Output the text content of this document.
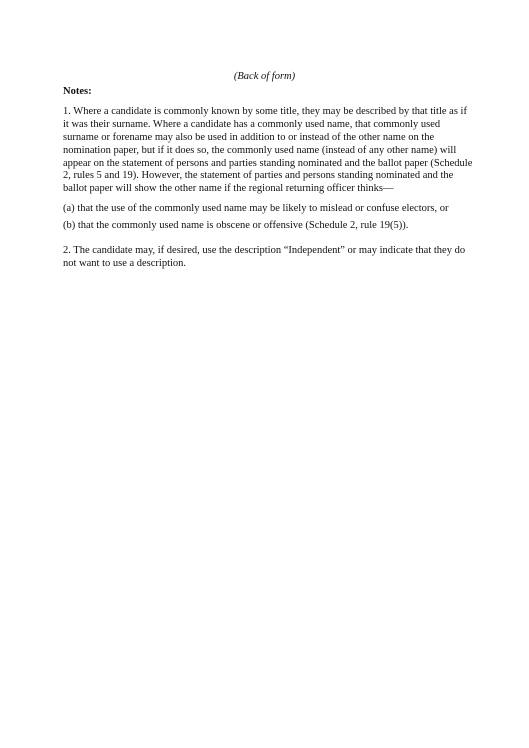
(Back of form)

Notes:

1. Where a candidate is commonly known by some title, they may be described by that title as if it was their surname. Where a candidate has a commonly used name, that commonly used surname or forename may also be used in addition to or instead of the other name on the nomination paper, but if it does so, the commonly used name (instead of any other name) will appear on the statement of persons and parties standing nominated and the ballot paper (Schedule 2, rules 5 and 19). However, the statement of parties and persons standing nominated and the ballot paper will show the other name if the regional returning officer thinks—

(a) that the use of the commonly used name may be likely to mislead or confuse electors, or

(b) that the commonly used name is obscene or offensive (Schedule 2, rule 19(5)).

2. The candidate may, if desired, use the description “Independent” or may indicate that they do not want to use a description.
